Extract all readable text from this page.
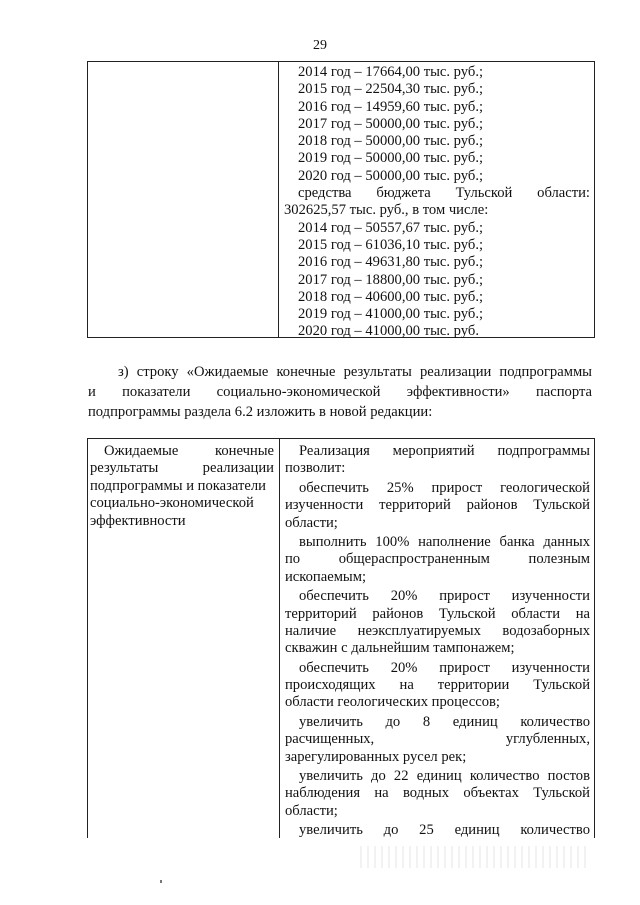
29
2014 год – 17664,00 тыс. руб.;
2015 год – 22504,30 тыс. руб.;
2016 год – 14959,60 тыс. руб.;
2017 год – 50000,00 тыс. руб.;
2018 год – 50000,00 тыс. руб.;
2019 год – 50000,00 тыс. руб.;
2020 год – 50000,00 тыс. руб.;
средства бюджета Тульской области:
302625,57 тыс. руб., в том числе:
2014 год – 50557,67 тыс. руб.;
2015 год – 61036,10 тыс. руб.;
2016 год – 49631,80 тыс. руб.;
2017 год – 18800,00 тыс. руб.;
2018 год – 40600,00 тыс. руб.;
2019 год – 41000,00 тыс. руб.;
2020 год – 41000,00 тыс. руб.
з) строку «Ожидаемые конечные результаты реализации подпрограммы
и показатели социально-экономической эффективности» паспорта
подпрограммы раздела 6.2 изложить в новой редакции:
Ожидаемые конечные
результаты реализации
подпрограммы и показатели
социально-экономической
эффективности
Реализация мероприятий подпрограммы
позволит:
обеспечить 25% прирост геологической
изученности территорий районов Тульской
области;
выполнить 100% наполнение банка данных
по общераспространенным полезным
ископаемым;
обеспечить 20% прирост изученности
территорий районов Тульской области на
наличие неэксплуатируемых водозаборных
скважин с дальнейшим тампонажем;
обеспечить 20% прирост изученности
происходящих на территории Тульской
области геологических процессов;
увеличить до 8 единиц количество
расчищенных, углубленных,
зарегулированных русел рек;
увеличить до 22 единиц количество постов
наблюдения на водных объектах Тульской
области;
увеличить до 25 единиц количество
